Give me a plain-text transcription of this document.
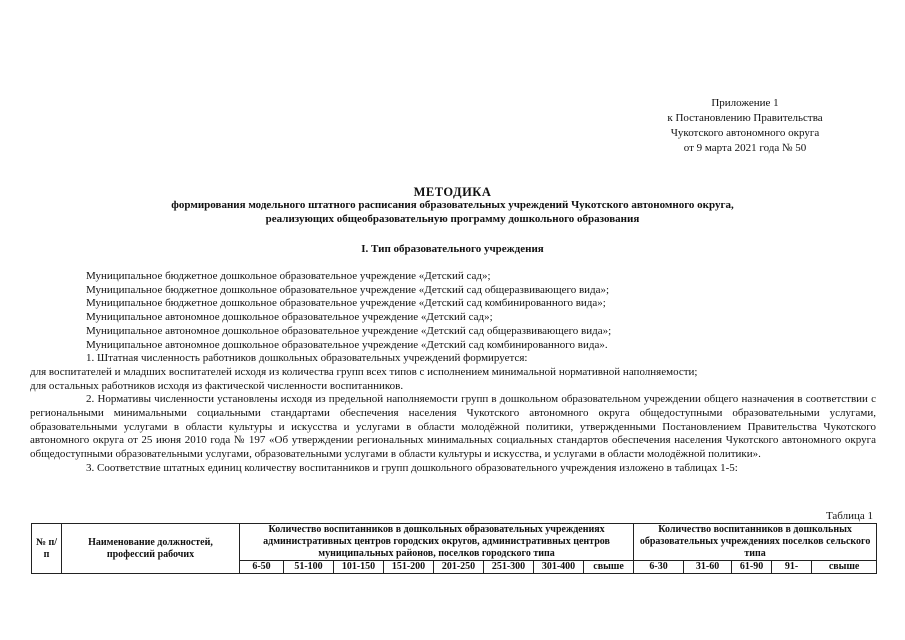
Приложение 1
к Постановлению Правительства
Чукотского автономного округа
от 9 марта 2021 года № 50
МЕТОДИКА
формирования модельного штатного расписания образовательных учреждений Чукотского автономного округа,
реализующих общеобразовательную программу дошкольного образования
I. Тип образовательного учреждения
Муниципальное бюджетное дошкольное образовательное учреждение «Детский сад»;
Муниципальное бюджетное дошкольное образовательное учреждение «Детский сад общеразвивающего вида»;
Муниципальное бюджетное дошкольное образовательное учреждение «Детский сад комбинированного вида»;
Муниципальное автономное дошкольное образовательное учреждение «Детский сад»;
Муниципальное автономное дошкольное образовательное учреждение «Детский сад общеразвивающего вида»;
Муниципальное автономное дошкольное образовательное учреждение «Детский сад комбинированного вида».
1. Штатная численность работников дошкольных образовательных учреждений формируется:
для воспитателей и младших воспитателей исходя из количества групп всех типов с исполнением минимальной нормативной наполняемости;
для остальных работников исходя из фактической численности воспитанников.
2. Нормативы численности установлены исходя из предельной наполняемости групп в дошкольном образовательном учреждении общего назначения в соответствии с региональными минимальными социальными стандартами обеспечения населения Чукотского автономного округа общедоступными образовательными услугами, образовательными услугами в области культуры и искусства и услугами в области молодёжной политики, утвержденными Постановлением Правительства Чукотского автономного округа от 25 июня 2010 года № 197 «Об утверждении региональных минимальных социальных стандартов обеспечения населения Чукотского автономного округа общедоступными образовательными услугами, образовательными услугами в области культуры и искусства, и услугами в области молодёжной политики».
3. Соответствие штатных единиц количеству воспитанников и групп дошкольного образовательного учреждения изложено в таблицах 1-5:
Таблица 1
№ п/п	Наименование должностей, профессий рабочих	Количество воспитанников в дошкольных образовательных учреждениях административных центров городских округов, административных центров муниципальных районов, поселков городского типа								Количество воспитанников в дошкольных образовательных учреждениях поселков сельского типа				
		6-50	51-100	101-150	151-200	201-250	251-300	301-400	свыше	6-30	31-60	61-90	91-	свыше
